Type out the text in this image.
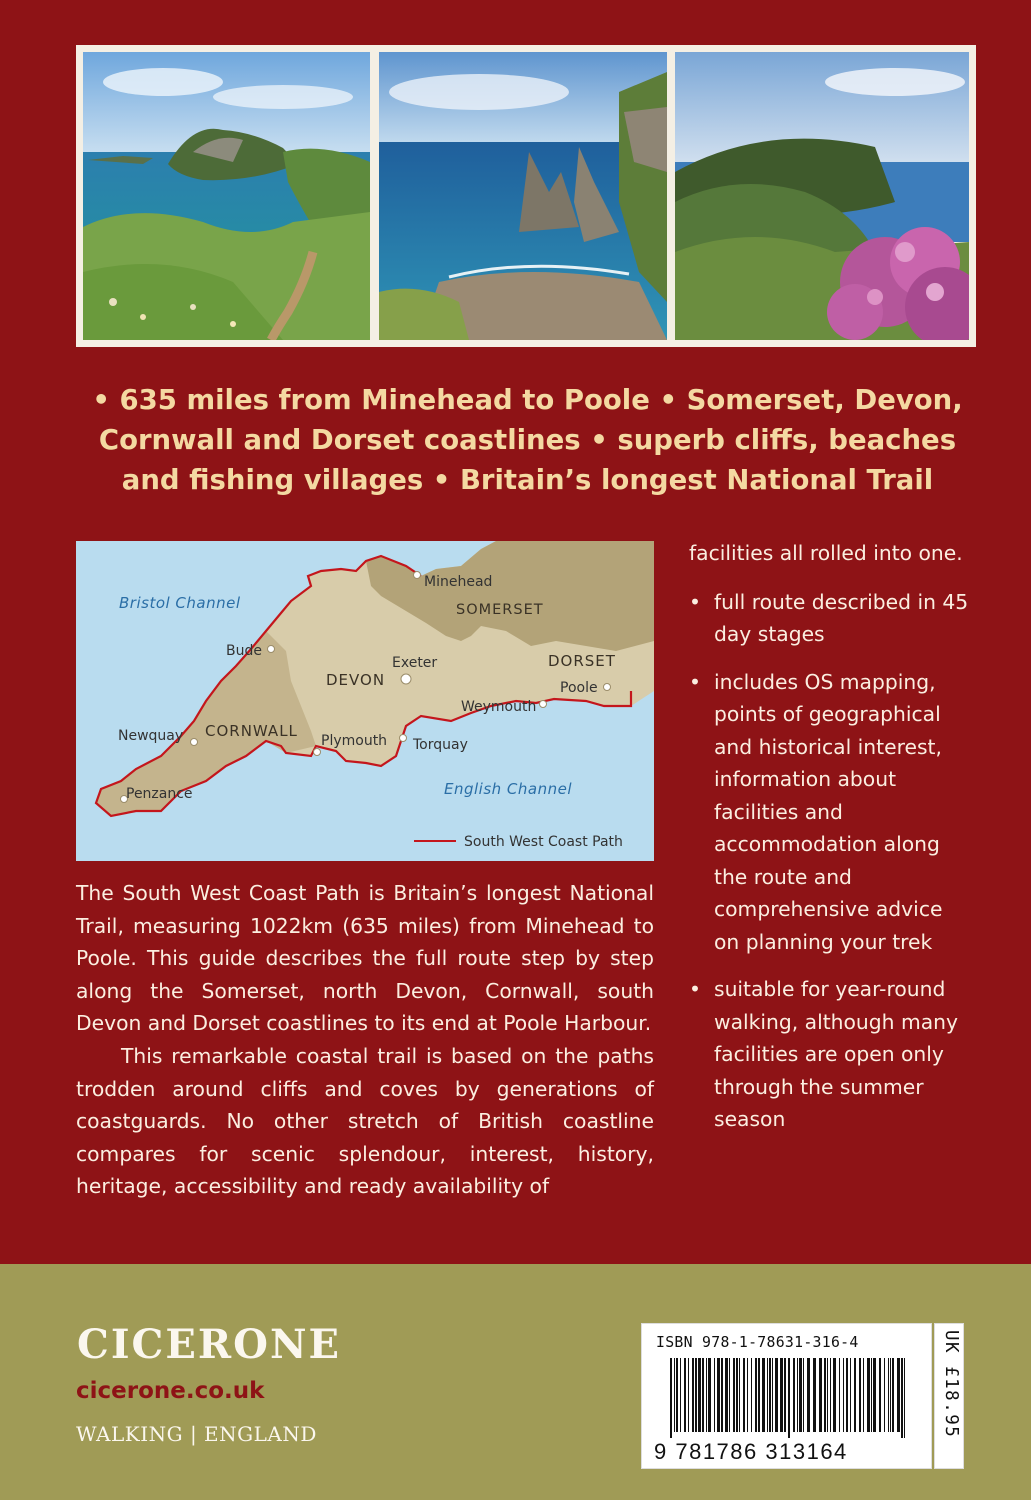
• 635 miles from Minehead to Poole • Somerset, Devon, Cornwall and Dorset coastlines • superb cliffs, beaches and fishing villages • Britain’s longest National Trail
South West Coast Path
Bristol Channel
English Channel
Minehead
SOMERSET
Bude
Exeter
DEVON
DORSET
Poole
Weymouth
Newquay CORNWALL
Plymouth Torquay
Penzance

The South West Coast Path is Britain’s longest National Trail, measuring 1022km (635 miles) from Minehead to Poole. This guide describes the full route step by step along the Somerset, north Devon, Cornwall, south Devon and Dorset coastlines to its end at Poole Harbour.

This remarkable coastal trail is based on the paths trodden around cliffs and coves by generations of coastguards. No other stretch of British coastline compares for scenic splendour, interest, history, heritage, accessibility and ready availability of

facilities all rolled into one.
• full route described in 45 day stages
• includes OS mapping, points of geographical and historical interest, information about facilities and accommodation along the route and comprehensive advice on planning your trek
• suitable for year-round walking, although many facilities are open only through the summer season
CICERONE
cicerone.co.uk
WALKING | ENGLAND
ISBN 978-1-78631-316-4
9 781786 313164
UK £18.95
